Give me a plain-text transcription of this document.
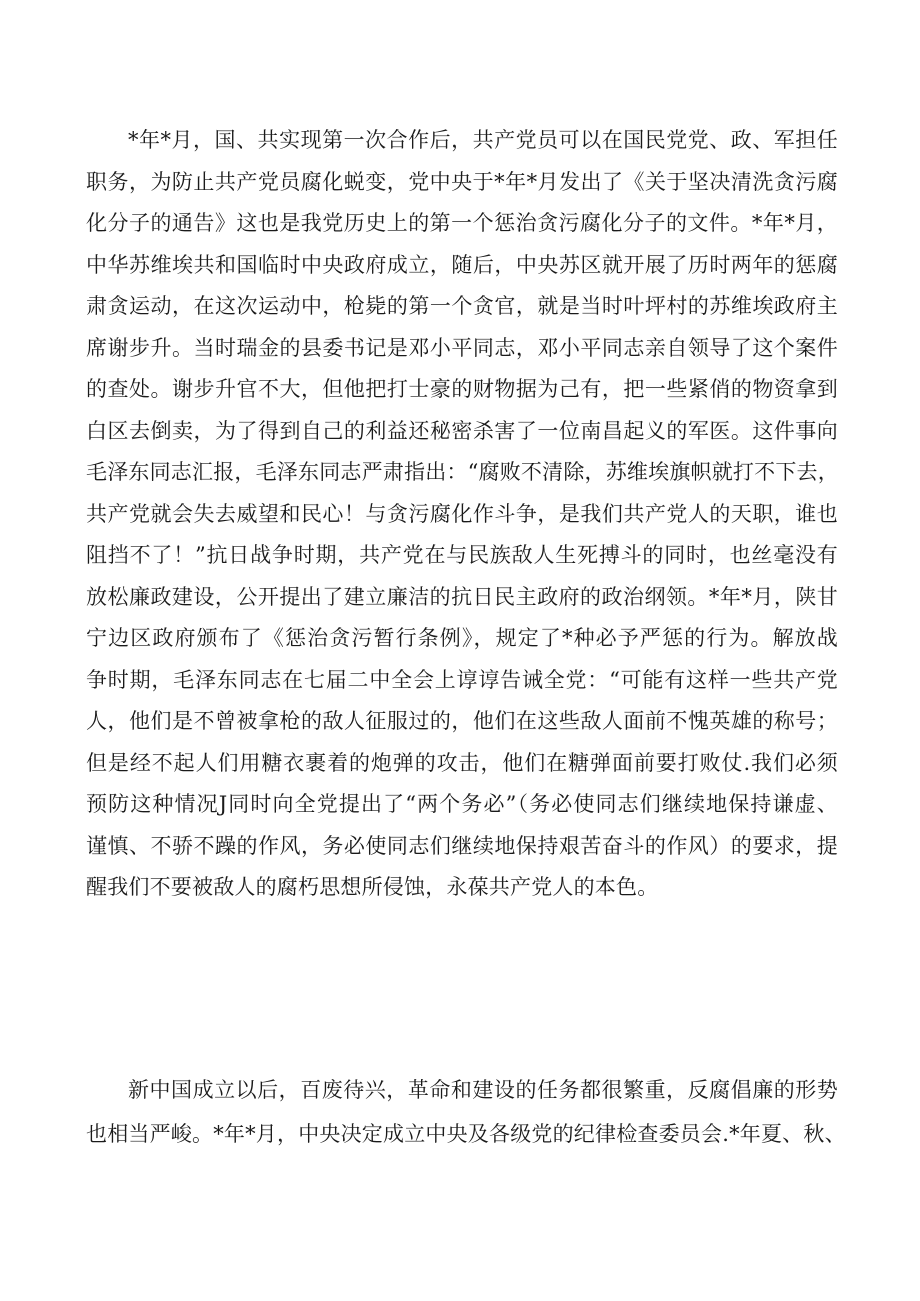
*年*月，国、共实现第一次合作后，共产党员可以在国民党党、政、军担任
职务，为防止共产党员腐化蜕变，党中央于*年*月发出了《关于坚决清洗贪污腐
化分子的通告》这也是我党历史上的第一个惩治贪污腐化分子的文件。*年*月，
中华苏维埃共和国临时中央政府成立，随后，中央苏区就开展了历时两年的惩腐
肃贪运动，在这次运动中，枪毙的第一个贪官，就是当时叶坪村的苏维埃政府主
席谢步升。当时瑞金的县委书记是邓小平同志，邓小平同志亲自领导了这个案件
的查处。谢步升官不大，但他把打士豪的财物据为己有，把一些紧俏的物资拿到
白区去倒卖，为了得到自己的利益还秘密杀害了一位南昌起义的军医。这件事向
毛泽东同志汇报，毛泽东同志严肃指出：“腐败不清除，苏维埃旗帜就打不下去，
共产党就会失去威望和民心！与贪污腐化作斗争，是我们共产党人的天职，谁也
阻挡不了！”抗日战争时期，共产党在与民族敌人生死搏斗的同时，也丝毫没有
放松廉政建设，公开提出了建立廉洁的抗日民主政府的政治纲领。*年*月，陕甘
宁边区政府颁布了《惩治贪污暂行条例》，规定了*种必予严惩的行为。解放战
争时期，毛泽东同志在七届二中全会上谆谆告诫全党：“可能有这样一些共产党
人，他们是不曾被拿枪的敌人征服过的，他们在这些敌人面前不愧英雄的称号；
但是经不起人们用糖衣裹着的炮弹的攻击，他们在糖弹面前要打败仗.我们必须
预防这种情况J同时向全党提出了“两个务必”（务必使同志们继续地保持谦虚、
谨慎、不骄不躁的作风，务必使同志们继续地保持艰苦奋斗的作风）的要求，提
醒我们不要被敌人的腐朽思想所侵蚀，永葆共产党人的本色。
新中国成立以后，百废待兴，革命和建设的任务都很繁重，反腐倡廉的形势
也相当严峻。*年*月，中央决定成立中央及各级党的纪律检查委员会.*年夏、秋、
